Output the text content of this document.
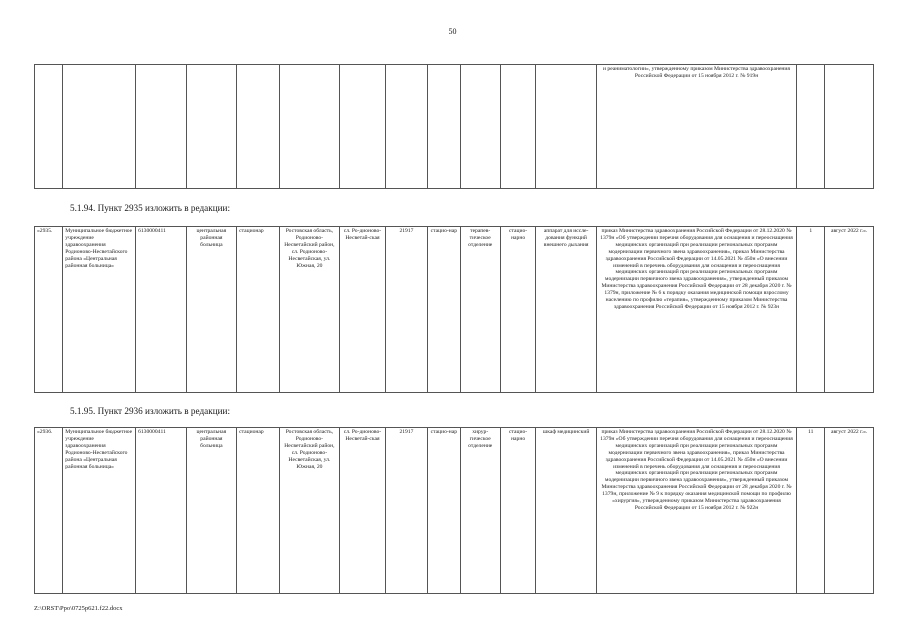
50
												и реаниматологии», утвержденному приказом Министерства здравоохранения Российской Федерации от 15 ноября 2012 г. № 919н		
5.1.94. Пункт 2935 изложить в редакции:
«2935.	Муниципальное бюджетное учреждение здравоохранения Родионово-Несветайского района «Центральная районная больница»	6130000411	центральная районная больница	стационар	Ростовская область, Родионово-Несветайский район, сл. Родионово-Несветайская, ул. Южная, 20	сл. Ро-дионово-Несветай-ская	21917	стацио-нар	терапев-тическое отделение	стацио-нарно	аппарат для иссле-дования функций внешнего дыхания	приказ Министерства здравоохранения Российской Федерации от 28.12.2020 № 1379н «Об утверждении перечня оборудования для оснащения и переоснащения медицинских организаций при реализации региональных программ модернизации первичного звена здравоохранения», приказ Министерства здравоохранения Российской Федерации от 14.05.2021 № 450н «О внесении изменений в перечень оборудования для оснащения и переоснащения медицинских организаций при реализации региональных программ модернизации первичного звена здравоохранения», утвержденный приказом Министерства здравоохранения Российской Федерации от 28 декабря 2020 г. № 1379н, приложение № 6 к порядку оказания медицинской помощи взрослому населению по профилю «терапия», утвержденному приказом Министерства здравоохранения Российской Федерации от 15 ноября 2012 г. № 923н	1	август 2022 г.».
5.1.95. Пункт 2936 изложить в редакции:
«2936.	Муниципальное бюджетное учреждение здравоохранения Родионово-Несветайского района «Центральная районная больница»	6130000411	центральная районная больница	стационар	Ростовская область, Родионово-Несветайский район, сл. Родионово-Несветайская, ул. Южная, 20	сл. Ро-дионово-Несветай-ская	21917	стацио-нар	хирур-гическое отделение	стацио-нарно	шкаф медицинский	приказ Министерства здравоохранения Российской Федерации от 28.12.2020 № 1379н «Об утверждении перечня оборудования для оснащения и переоснащения медицинских организаций при реализации региональных программ модернизации первичного звена здравоохранения», приказ Министерства здравоохранения Российской Федерации от 14.05.2021 № 450н «О внесении изменений в перечень оборудования для оснащения и переоснащения медицинских организаций при реализации региональных программ модернизации первичного звена здравоохранения», утвержденный приказом Министерства здравоохранения Российской Федерации от 28 декабря 2020 г. № 1379н, приложение № 9 к порядку оказания медицинской помощи по профилю «хирургия», утвержденному приказом Министерства здравоохранения Российской Федерации от 15 ноября 2012 г. № 922н	11	август 2022 г.».
Z:\ORST\Ppo\0725p621.f22.docx
